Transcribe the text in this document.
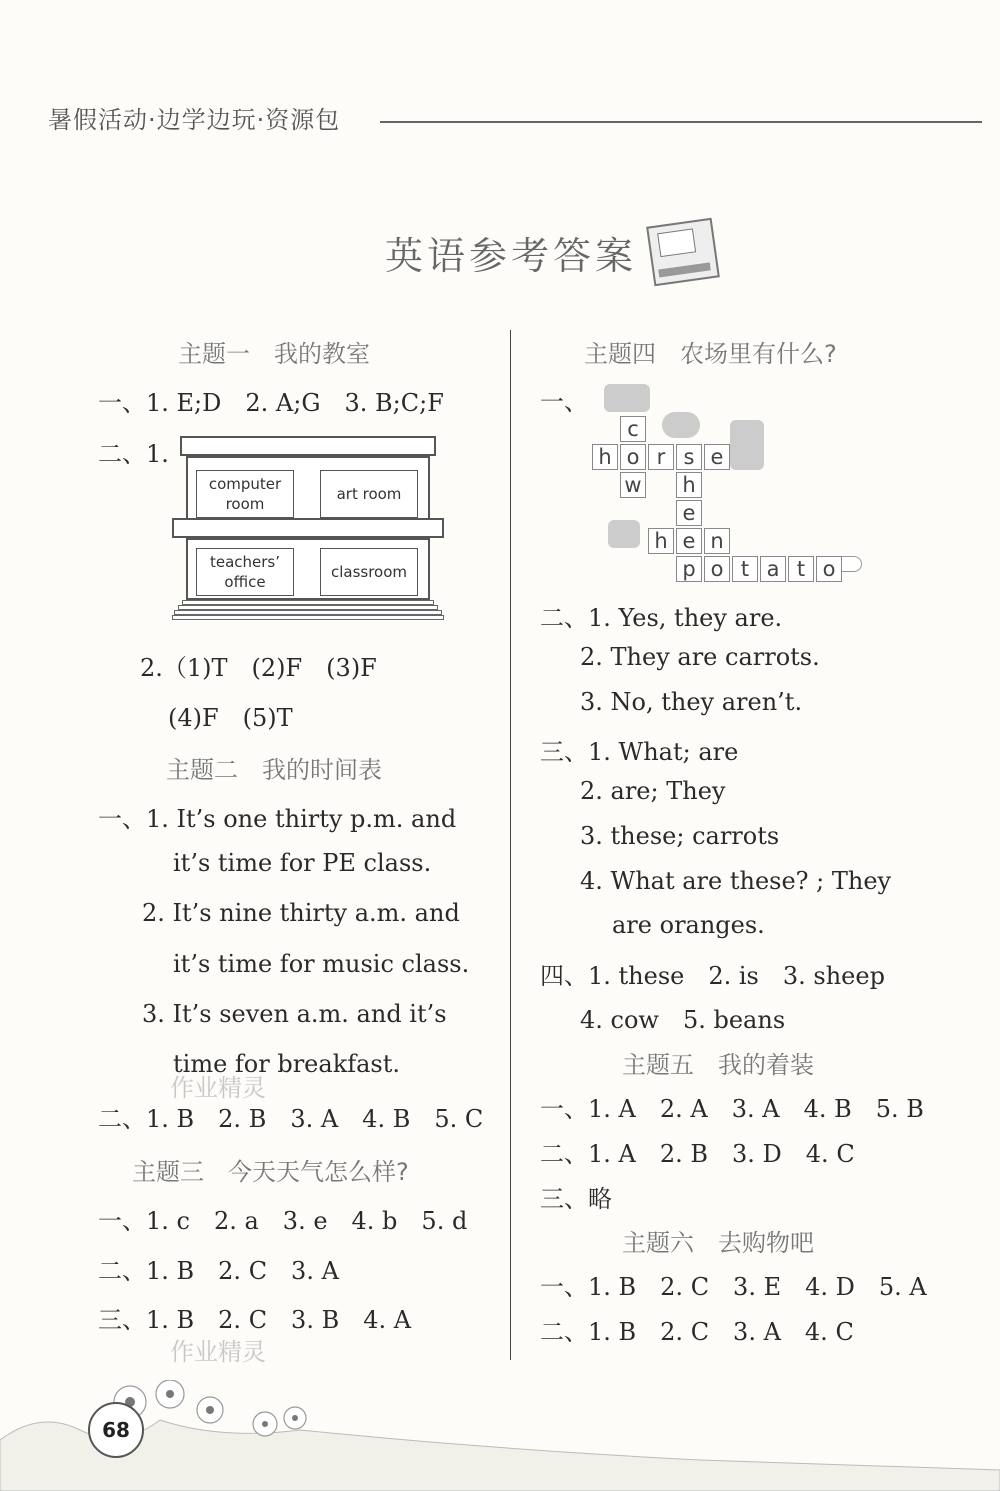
暑假活动·边学边玩·资源包
英语参考答案
主题一　我的教室
一、1. E;D　2. A;G　3. B;C;F
二、1.
computer room
art room
teachers’ office
classroom
2.（1)T　(2)F　(3)F
(4)F　(5)T
主题二　我的时间表
一、1. It’s one thirty p.m. and
it’s time for PE class.
2. It’s nine thirty a.m. and
it’s time for music class.
3. It’s seven a.m. and it’s
time for breakfast.
作业精灵
二、1. B　2. B　3. A　4. B　5. C
主题三　今天天气怎么样?
一、1. c　2. a　3. e　4. b　5. d
二、1. B　2. C　3. A
三、1. B　2. C　3. B　4. A
作业精灵
主题四　农场里有什么?
一、
c
o
w
h	r s e
h
e
e
h	n
p o t a t o
二、1. Yes, they are.
2. They are carrots.
3. No, they aren’t.
三、1. What; are
2. are; They
3. these; carrots
4. What are these? ; They
are oranges.
四、1. these　2. is　3. sheep
4. cow　5. beans
主题五　我的着装
一、1. A　2. A　3. A　4. B　5. B
二、1. A　2. B　3. D　4. C
三、略
主题六　去购物吧
一、1. B　2. C　3. E　4. D　5. A
二、1. B　2. C　3. A　4. C
68
